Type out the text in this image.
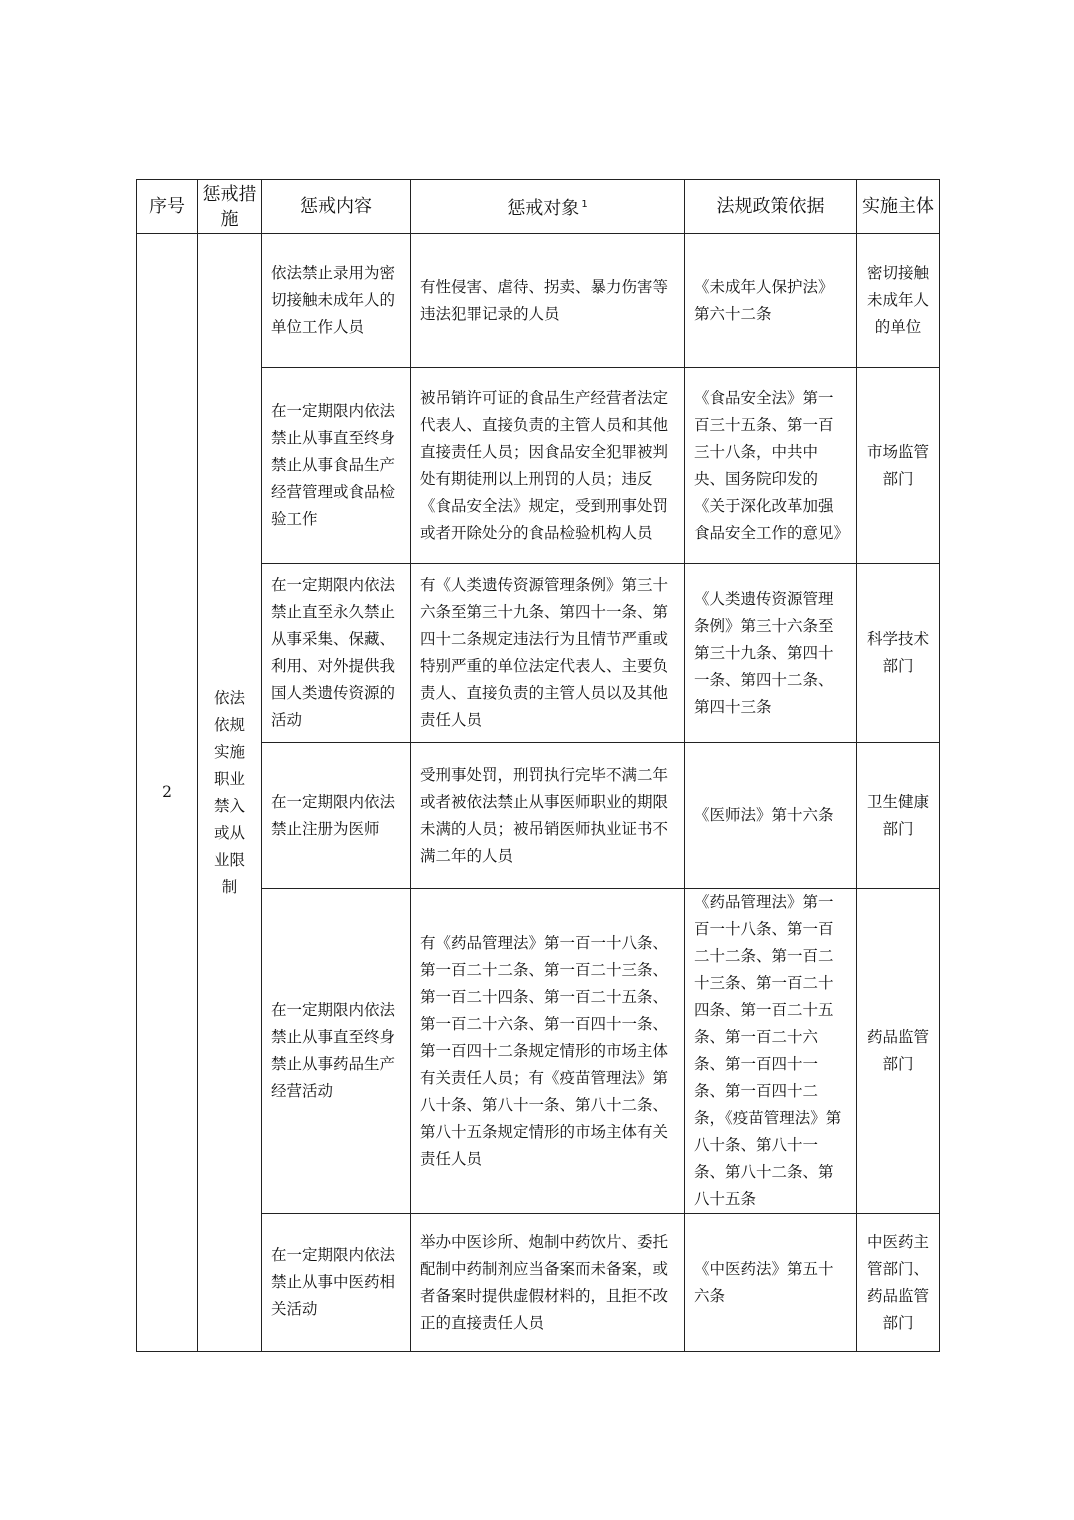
序号	惩戒措施	惩戒内容	惩戒对象 $^1$	法规政策依据	实施主体
2	依法依规实施职业禁入或从业限制	依法禁止录用为密切接触未成年人的单位工作人员	有性侵害、虐待、拐卖、暴力伤害等违法犯罪记录的人员	《未成年人保护法》第六十二条	密切接触未成年人的单位
		在一定期限内依法禁止从事直至终身禁止从事食品生产经营管理或食品检验工作	被吊销许可证的食品生产经营者法定代表人、直接负责的主管人员和其他直接责任人员；因食品安全犯罪被判处有期徒刑以上刑罚的人员；违反《食品安全法》规定，受到刑事处罚或者开除处分的食品检验机构人员	《食品安全法》第一百三十五条、第一百三十八条，中共中央、国务院印发的《关于深化改革加强食品安全工作的意见》	市场监管部门
		在一定期限内依法禁止直至永久禁止从事采集、保藏、利用、对外提供我国人类遗传资源的活动	有《人类遗传资源管理条例》第三十六条至第三十九条、第四十一条、第四十二条规定违法行为且情节严重或特别严重的单位法定代表人、主要负责人、直接负责的主管人员以及其他责任人员	《人类遗传资源管理条例》第三十六条至第三十九条、第四十一条、第四十二条、第四十三条	科学技术部门
		在一定期限内依法禁止注册为医师	受刑事处罚，刑罚执行完毕不满二年或者被依法禁止从事医师职业的期限未满的人员；被吊销医师执业证书不满二年的人员	《医师法》第十六条	卫生健康部门
		在一定期限内依法禁止从事直至终身禁止从事药品生产经营活动	有《药品管理法》第一百一十八条、第一百二十二条、第一百二十三条、第一百二十四条、第一百二十五条、第一百二十六条、第一百四十一条、第一百四十二条规定情形的市场主体有关责任人员；有《疫苗管理法》第八十条、第八十一条、第八十二条、第八十五条规定情形的市场主体有关责任人员	《药品管理法》第一百一十八条、第一百二十二条、第一百二十三条、第一百二十四条、第一百二十五条、第一百二十六条、第一百四十一条、第一百四十二条，《疫苗管理法》第八十条、第八十一条、第八十二条、第八十五条	药品监管部门
		在一定期限内依法禁止从事中医药相关活动	举办中医诊所、炮制中药饮片、委托配制中药制剂应当备案而未备案，或者备案时提供虚假材料的，且拒不改正的直接责任人员	《中医药法》第五十六条	中医药主管部门、药品监管部门
